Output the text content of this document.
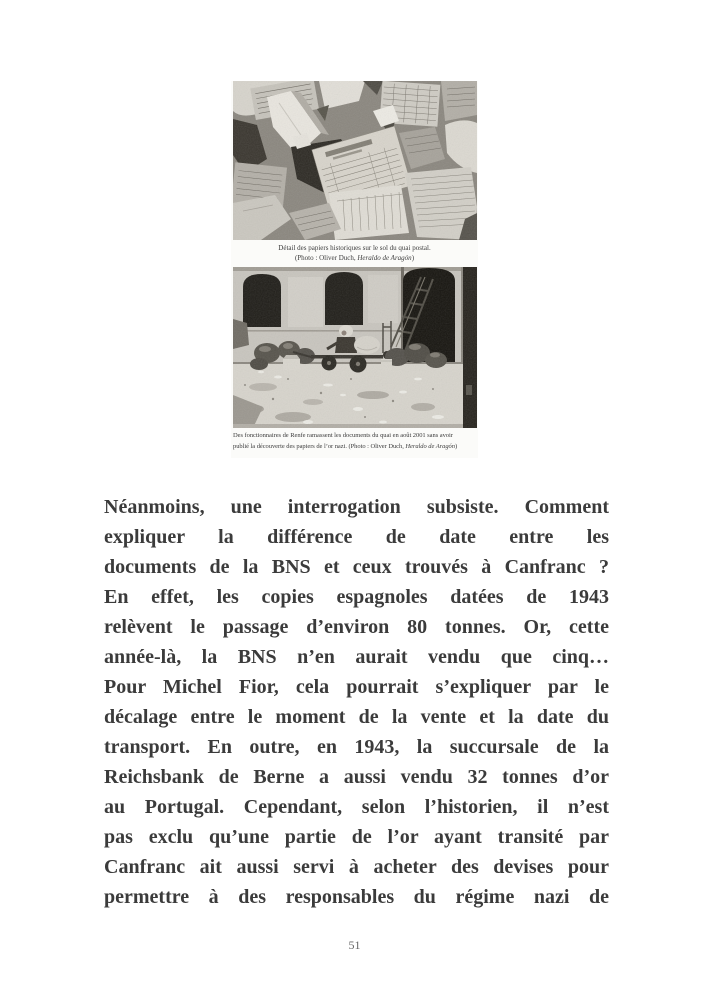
Détail des papiers historiques sur le sol du quai postal.
(Photo : Oliver Duch, Heraldo de Aragón)
Des fonctionnaires de Renfe ramassent les documents du quai en août 2001 sans avoir
publié la découverte des papiers de l’or nazi. (Photo : Oliver Duch, Heraldo de Aragón)
Néanmoins, une interrogation subsiste. Comment
expliquer la différence de date entre les
documents de la BNS et ceux trouvés à Canfranc ?
En effet, les copies espagnoles datées de 1943
relèvent le passage d’environ 80 tonnes. Or, cette
année-là, la BNS n’en aurait vendu que cinq…
Pour Michel Fior, cela pourrait s’expliquer par le
décalage entre le moment de la vente et la date du
transport. En outre, en 1943, la succursale de la
Reichsbank de Berne a aussi vendu 32 tonnes d’or
au Portugal. Cependant, selon l’historien, il n’est
pas exclu qu’une partie de l’or ayant transité par
Canfranc ait aussi servi à acheter des devises pour
permettre à des responsables du régime nazi de
51
